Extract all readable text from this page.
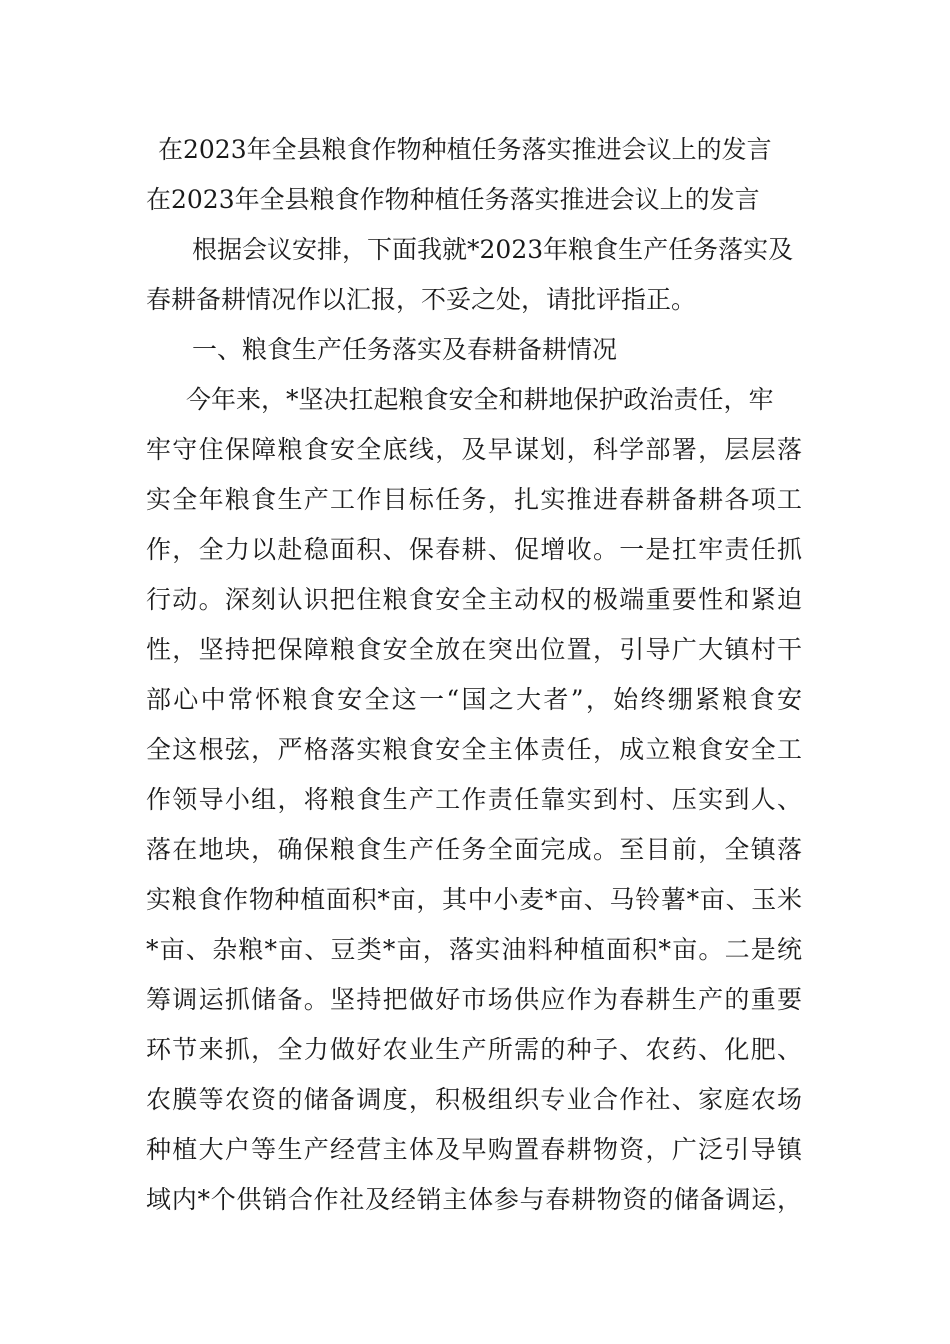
在2023年全县粮食作物种植任务落实推进会议上的发言
在2023年全县粮食作物种植任务落实推进会议上的发言
根据会议安排，下面我就*2023年粮食生产任务落实及
春耕备耕情况作以汇报，不妥之处，请批评指正。
一、粮食生产任务落实及春耕备耕情况
今年来，*坚决扛起粮食安全和耕地保护政治责任，牢
牢守住保障粮食安全底线，及早谋划，科学部署，层层落
实全年粮食生产工作目标任务，扎实推进春耕备耕各项工
作，全力以赴稳面积、保春耕、促增收。一是扛牢责任抓
行动。深刻认识把住粮食安全主动权的极端重要性和紧迫
性，坚持把保障粮食安全放在突出位置，引导广大镇村干
部心中常怀粮食安全这一“国之大者”，始终绷紧粮食安
全这根弦，严格落实粮食安全主体责任，成立粮食安全工
作领导小组，将粮食生产工作责任靠实到村、压实到人、
落在地块，确保粮食生产任务全面完成。至目前，全镇落
实粮食作物种植面积*亩，其中小麦*亩、马铃薯*亩、玉米
*亩、杂粮*亩、豆类*亩，落实油料种植面积*亩。二是统
筹调运抓储备。坚持把做好市场供应作为春耕生产的重要
环节来抓，全力做好农业生产所需的种子、农药、化肥、
农膜等农资的储备调度，积极组织专业合作社、家庭农场
种植大户等生产经营主体及早购置春耕物资，广泛引导镇
域内*个供销合作社及经销主体参与春耕物资的储备调运，
